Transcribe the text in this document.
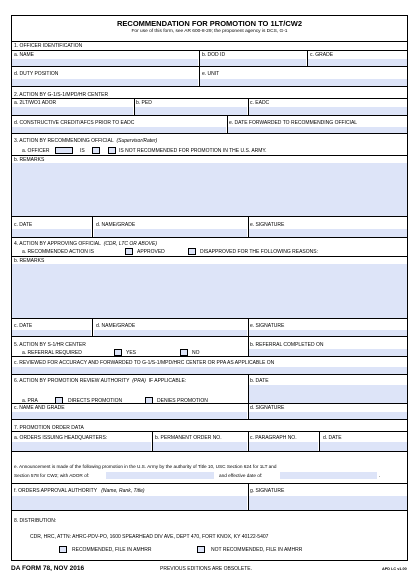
RECOMMENDATION FOR PROMOTION TO 1LT/CW2
For use of this form, see AR 600-8-29; the proponent agency is DCS, G-1
1. OFFICER IDENTIFICATION
a. NAME	b. DOD ID	c. GRADE
d. DUTY POSITION	e. UNIT
2. ACTION BY G-1/S-1/MPD/HR CENTER
a. 2LT/WO1 ADOR	b. PED	c. EADC
d. CONSTRUCTIVE CREDIT/AFCS PRIOR TO EADC	e. DATE FORWARDED TO RECOMMENDING OFFICIAL
3. ACTION BY RECOMMENDING OFFICIAL (Supervisor/Rater)
a. OFFICER	IS	IS NOT RECOMMENDED FOR PROMOTION IN THE U.S. ARMY.
b. REMARKS
c. DATE	d. NAME/GRADE	e. SIGNATURE
4. ACTION BY APPROVING OFFICIAL (CDR, LTC OR ABOVE)
a. RECOMMENDED ACTION IS	APPROVED	DISAPPROVED FOR THE FOLLOWING REASONS:
b. REMARKS
c. DATE	d. NAME/GRADE	e. SIGNATURE
5. ACTION BY S-1/HR CENTER
a. REFERRAL REQUIRED	YES	NO
b. REFERRAL COMPLETED ON
c. REVIEWED FOR ACCURACY AND FORWARDED TO G-1/S-1/MPD/HRC CENTER OR PPA AS APPLICABLE ON
6. ACTION BY PROMOTION REVIEW AUTHORITY (PRA) IF APPLICABLE:
a. PRA	DIRECTS PROMOTION	DENIES PROMOTION
b. DATE
c. NAME AND GRADE	d. SIGNATURE
7. PROMOTION ORDER DATA
a. ORDERS ISSUING HEADQUARTERS:	b. PERMANENT ORDER NO.	c. PARAGRAPH NO.	d. DATE
e. Announcement is made of the following promotion in the U.S. Army by the authority of Title 10, USC Section 624 for 1LT and
Section 578 for CW2; with ADOR of:	and effective date of:	.
f. ORDERS APPROVAL AUTHORITY (Name, Rank, Title)	g. SIGNATURE
8. DISTRIBUTION:
CDR, HRC, ATTN: AHRC-PDV-PO, 1600 SPEARHEAD DIV AVE, DEPT 470, FORT KNOX, KY 40122-5407
RECOMMENDED, FILE IN AMHRR	NOT RECOMMENDED, FILE IN AMHRR
DA FORM 78, NOV 2016	PREVIOUS EDITIONS ARE OBSOLETE.	APD LC v1.00
